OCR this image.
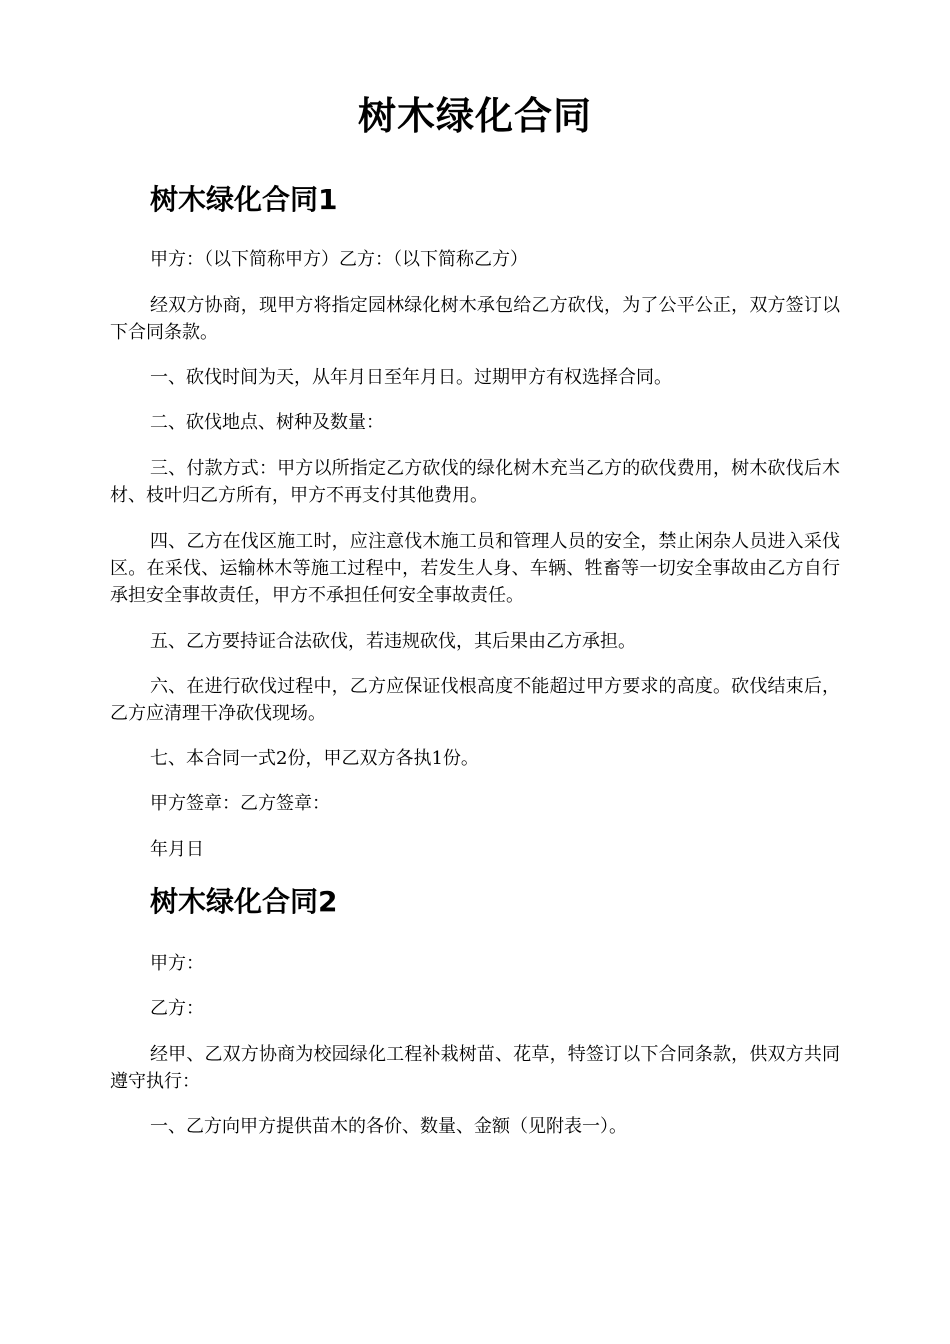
树木绿化合同
树木绿化合同1

甲方：（以下简称甲方）乙方：（以下简称乙方）

经双方协商，现甲方将指定园林绿化树木承包给乙方砍伐，为了公平公正，双方签订以下合同条款。

一、砍伐时间为天，从年月日至年月日。过期甲方有权选择合同。

二、砍伐地点、树种及数量：

三、付款方式：甲方以所指定乙方砍伐的绿化树木充当乙方的砍伐费用，树木砍伐后木材、枝叶归乙方所有，甲方不再支付其他费用。

四、乙方在伐区施工时，应注意伐木施工员和管理人员的安全，禁止闲杂人员进入采伐区。在采伐、运输林木等施工过程中，若发生人身、车辆、牲畜等一切安全事故由乙方自行承担安全事故责任，甲方不承担任何安全事故责任。

五、乙方要持证合法砍伐，若违规砍伐，其后果由乙方承担。

六、在进行砍伐过程中，乙方应保证伐根高度不能超过甲方要求的高度。砍伐结束后，乙方应清理干净砍伐现场。

七、本合同一式2份，甲乙双方各执1份。

甲方签章：乙方签章：

年月日

树木绿化合同2

甲方：

乙方：

经甲、乙双方协商为校园绿化工程补栽树苗、花草，特签订以下合同条款，供双方共同遵守执行：

一、乙方向甲方提供苗木的各价、数量、金额（见附表一）。
